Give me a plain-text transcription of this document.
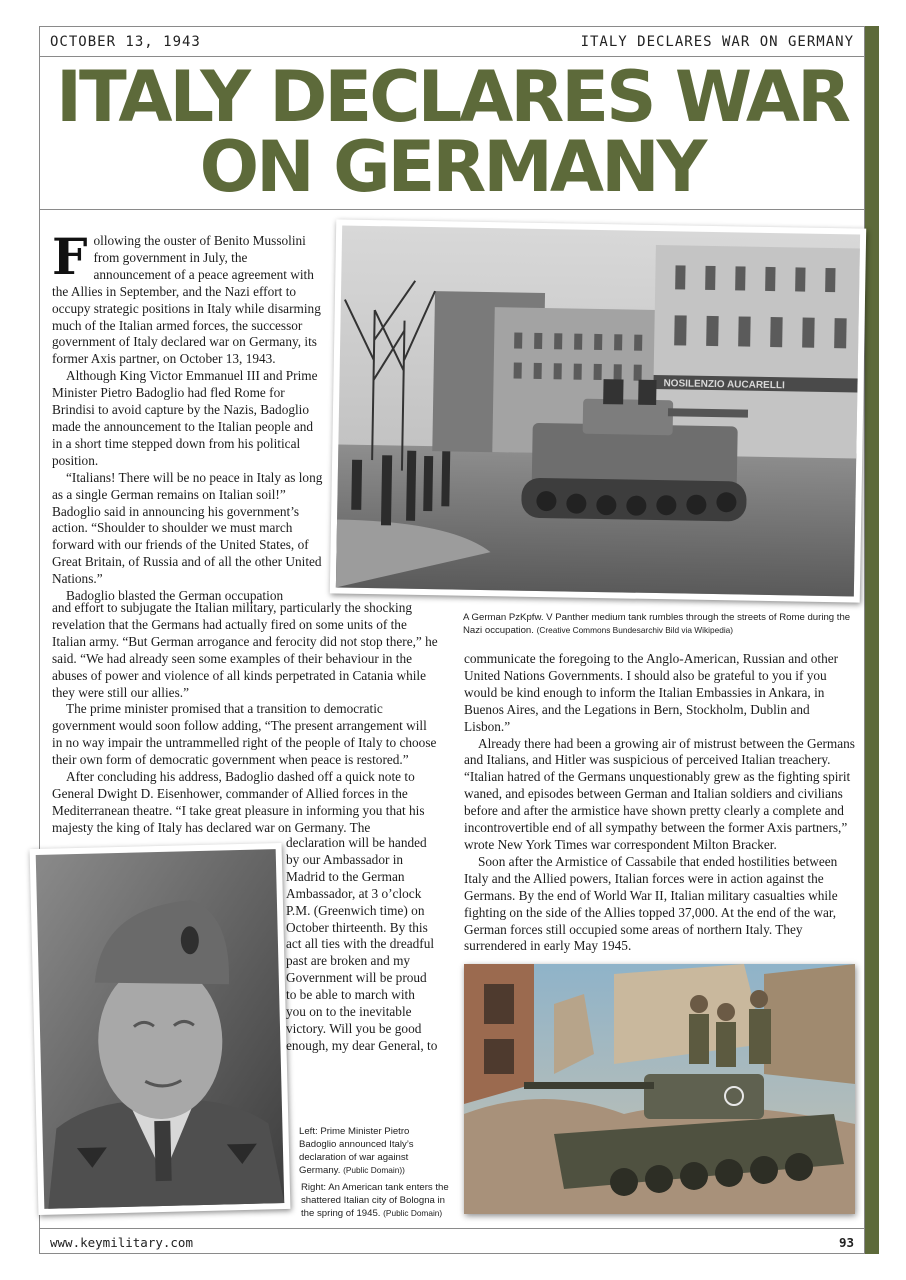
OCTOBER 13, 1943	ITALY DECLARES WAR ON GERMANY
ITALY DECLARES WAR
ON GERMANY

Following the ouster of Benito Mussolini from government in July, the announcement of a peace agreement with the Allies in September, and the Nazi effort to occupy strategic positions in Italy while disarming much of the Italian armed forces, the successor government of Italy declared war on Germany, its former Axis partner, on October 13, 1943.

Although King Victor Emmanuel III and Prime Minister Pietro Badoglio had fled Rome for Brindisi to avoid capture by the Nazis, Badoglio made the announcement to the Italian people and in a short time stepped down from his political position.

“Italians! There will be no peace in Italy as long as a single German remains on Italian soil!” Badoglio said in announcing his government’s action. “Shoulder to shoulder we must march forward with our friends of the United States, of Great Britain, of Russia and of all the other United Nations.”

Badoglio blasted the German occupation

and effort to subjugate the Italian military, particularly the shocking revelation that the Germans had actually fired on some units of the Italian army. “But German arrogance and ferocity did not stop there,” he said. “We had already seen some examples of their behaviour in the abuses of power and violence of all kinds perpetrated in Catania while they were still our allies.”

The prime minister promised that a transition to democratic government would soon follow adding, “The present arrangement will in no way impair the untrammelled right of the people of Italy to choose their own form of democratic government when peace is restored.”

After concluding his address, Badoglio dashed off a quick note to General Dwight D. Eisenhower, commander of Allied forces in the Mediterranean theatre. “I take great pleasure in informing you that his majesty the king of Italy has declared war on Germany. The

declaration will be handed by our Ambassador in Madrid to the German Ambassador, at 3 o’clock P.M. (Greenwich time) on October thirteenth. By this act all ties with the dreadful past are broken and my Government will be proud to be able to march with you on to the inevitable victory. Will you be good enough, my dear General, to

communicate the foregoing to the Anglo-American, Russian and other United Nations Governments. I should also be grateful to you if you would be kind enough to inform the Italian Embassies in Ankara, in Buenos Aires, and the Legations in Bern, Stockholm, Dublin and Lisbon.”

Already there had been a growing air of mistrust between the Germans and Italians, and Hitler was suspicious of perceived Italian treachery. “Italian hatred of the Germans unquestionably grew as the fighting spirit waned, and episodes between German and Italian soldiers and civilians before and after the armistice have shown pretty clearly a complete and incontrovertible end of all sympathy between the former Axis partners,” wrote New York Times war correspondent Milton Bracker.

Soon after the Armistice of Cassabile that ended hostilities between Italy and the Allied powers, Italian forces were in action against the Germans. By the end of World War II, Italian military casualties while fighting on the side of the Allies topped 37,000. At the end of the war, German forces still occupied some areas of northern Italy. They surrendered in early May 1945.

NOSILENZIO AUCARELLI
A German PzKpfw. V Panther medium tank rumbles through the streets of Rome during the Nazi occupation. (Creative Commons Bundesarchiv Bild via Wikipedia)
Left: Prime Minister Pietro Badoglio announced Italy’s declaration of war against Germany. (Public Domain))
Right: An American tank enters the shattered Italian city of Bologna in the spring of 1945. (Public Domain)
www.keymilitary.com	93
